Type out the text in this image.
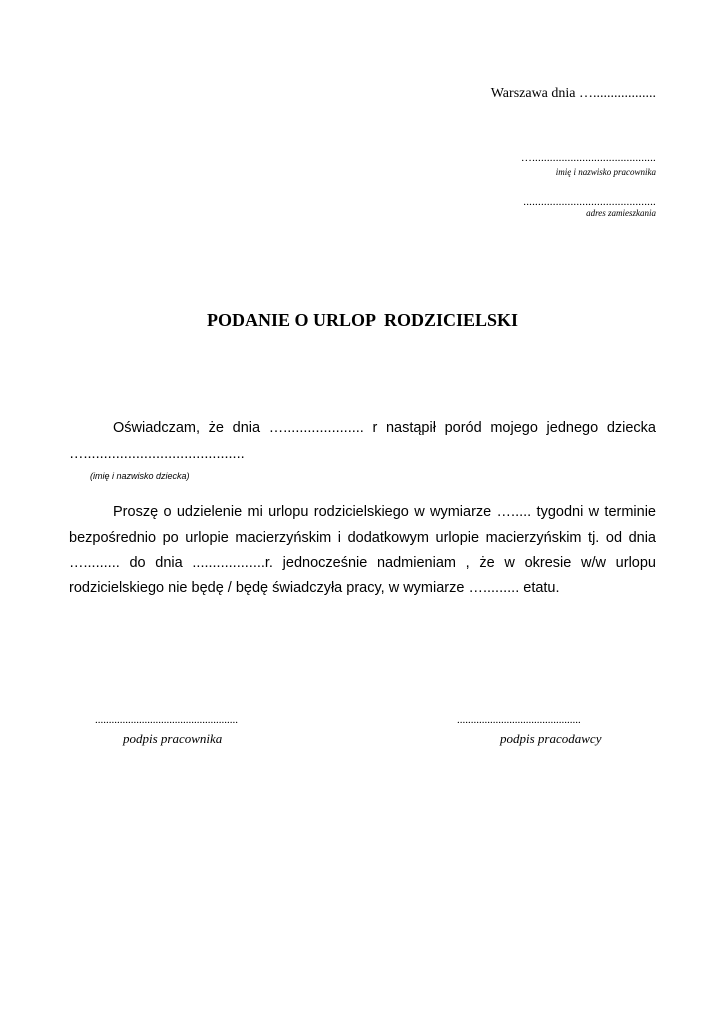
Warszawa dnia …..................
…..........................................
imię i nazwisko pracownika
.............................................
adres zamieszkania
PODANIE O URLOP  RODZICIELSKI
Oświadczam, że dnia ….................... r nastąpił poród mojego jednego dziecka
…........................................
(imię i nazwisko dziecka)
Proszę o udzielenie mi urlopu rodzicielskiego w wymiarze …..... tygodni w terminie
bezpośrednio po urlopie macierzyńskim i dodatkowym urlopie macierzyńskim tj. od dnia
…......... do dnia ..................r. jednocześnie nadmieniam , że w okresie w/w urlopu
rodzicielskiego nie będę / będę świadczyła pracy, w wymiarze …......... etatu.
....................................................
podpis pracownika
.............................................
podpis pracodawcy
